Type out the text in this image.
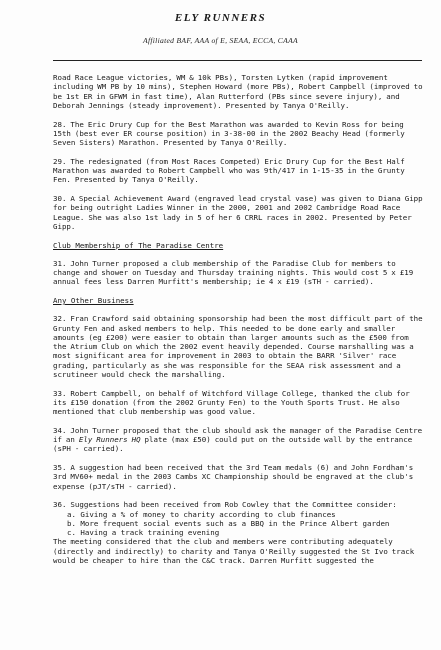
ELY RUNNERS
Affiliated BAF, AAA of E, SEAA, ECCA, CAAA

Road Race League victories, WM & 10k PBs), Torsten Lytken (rapid improvement including WM PB by 10 mins), Stephen Howard (more PBs), Robert Campbell (improved to be 1st ER in GFWM in fast time), Alan Rutterford (PBs since severe injury), and Deborah Jennings (steady improvement). Presented by Tanya O'Reilly.

28. The Eric Drury Cup for the Best Marathon was awarded to Kevin Ross for being 15th (best ever ER course position) in 3-38-00 in the 2002 Beachy Head (formerly Seven Sisters) Marathon. Presented by Tanya O'Reilly.

29. The redesignated (from Most Races Competed) Eric Drury Cup for the Best Half Marathon was awarded to Robert Campbell who was 9th/417 in 1-15-35 in the Grunty Fen. Presented by Tanya O'Reilly.

30. A Special Achievement Award (engraved lead crystal vase) was given to Diana Gipp for being outright Ladies Winner in the 2000, 2001 and 2002 Cambridge Road Race League. She was also 1st lady in 5 of her 6 CRRL races in 2002. Presented by Peter Gipp.

Club Membership of The Paradise Centre

31. John Turner proposed a club membership of the Paradise Club for members to change and shower on Tuesday and Thursday training nights. This would cost 5 x £19 annual fees less Darren Murfitt's membership; ie 4 x £19 (sTH - carried).

Any Other Business

32. Fran Crawford said obtaining sponsorship had been the most difficult part of the Grunty Fen and asked members to help. This needed to be done early and smaller amounts (eg £200) were easier to obtain than larger amounts such as the £500 from the Atrium Club on which the 2002 event heavily depended. Course marshalling was a most significant area for improvement in 2003 to obtain the BARR 'Silver' race grading, particularly as she was responsible for the SEAA risk assessment and a scrutineer would check the marshalling.

33. Robert Campbell, on behalf of Witchford Village College, thanked the club for its £150 donation (from the 2002 Grunty Fen) to the Youth Sports Trust. He also mentioned that club membership was good value.

34. John Turner proposed that the club should ask the manager of the Paradise Centre if an Ely Runners HQ plate (max £50) could put on the outside wall by the entrance (sPH - carried).

35. A suggestion had been received that the 3rd Team medals (6) and John Fordham's 3rd MV60+ medal in the 2003 Cambs XC Championship should be engraved at the club's expense (pJT/sTH - carried).

36. Suggestions had been received from Rob Cowley that the Committee consider:

a. Giving a % of money to charity according to club finances
b. More frequent social events such as a BBQ in the Prince Albert garden
c. Having a track training evening

The meeting considered that the club and members were contributing adequately (directly and indirectly) to charity and Tanya O'Reilly suggested the St Ivo track would be cheaper to hire than the C&C track. Darren Murfitt suggested the
